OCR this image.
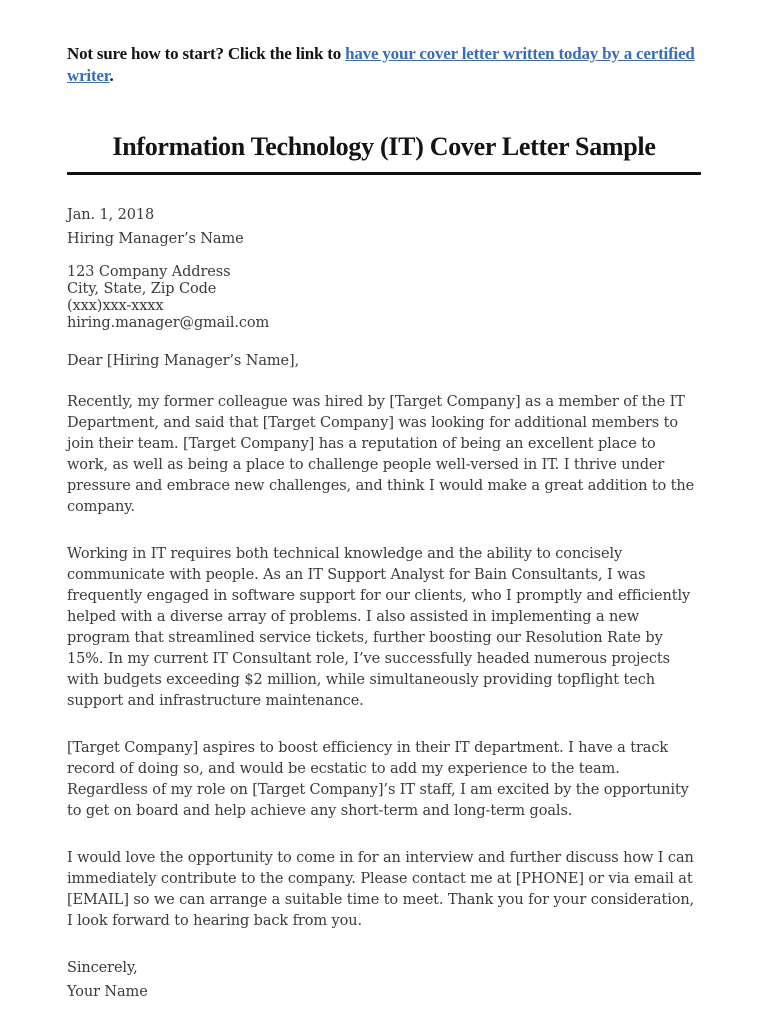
Not sure how to start? Click the link to have your cover letter written today by a certified writer.
Information Technology (IT) Cover Letter Sample

Jan. 1, 2018

Hiring Manager’s Name

123 Company Address

City, State, Zip Code

(xxx)xxx-xxxx

hiring.manager@gmail.com

Dear [Hiring Manager’s Name],

Recently, my former colleague was hired by [Target Company] as a member of the IT Department, and said that [Target Company] was looking for additional members to join their team. [Target Company] has a reputation of being an excellent place to work, as well as being a place to challenge people well-versed in IT. I thrive under pressure and embrace new challenges, and think I would make a great addition to the company.

Working in IT requires both technical knowledge and the ability to concisely communicate with people. As an IT Support Analyst for Bain Consultants, I was frequently engaged in software support for our clients, who I promptly and efficiently helped with a diverse array of problems. I also assisted in implementing a new program that streamlined service tickets, further boosting our Resolution Rate by 15%. In my current IT Consultant role, I’ve successfully headed numerous projects with budgets exceeding $2 million, while simultaneously providing topflight tech support and infrastructure maintenance.

[Target Company] aspires to boost efficiency in their IT department. I have a track record of doing so, and would be ecstatic to add my experience to the team. Regardless of my role on [Target Company]’s IT staff, I am excited by the opportunity to get on board and help achieve any short-term and long-term goals.

I would love the opportunity to come in for an interview and further discuss how I can immediately contribute to the company. Please contact me at [PHONE] or via email at [EMAIL] so we can arrange a suitable time to meet. Thank you for your consideration, I look forward to hearing back from you.

Sincerely,

Your Name
